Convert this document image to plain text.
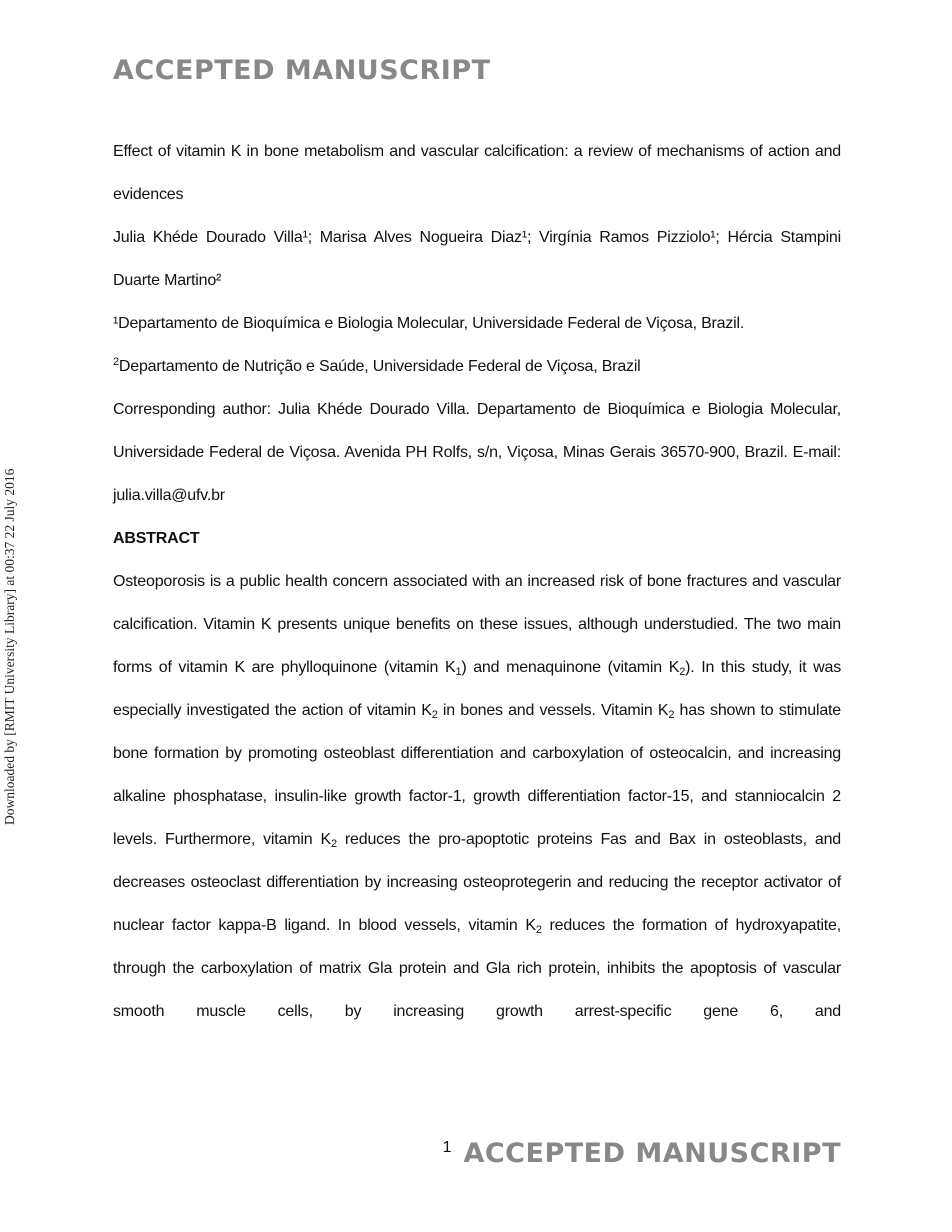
ACCEPTED MANUSCRIPT
Downloaded by [RMIT University Library] at 00:37 22 July 2016

Effect of vitamin K in bone metabolism and vascular calcification: a review of mechanisms of action and evidences

Julia Khéde Dourado Villa¹; Marisa Alves Nogueira Diaz¹; Virgínia Ramos Pizziolo¹; Hércia Stampini Duarte Martino²

¹Departamento de Bioquímica e Biologia Molecular, Universidade Federal de Viçosa, Brazil.

$^2$Departamento de Nutrição e Saúde, Universidade Federal de Viçosa, Brazil

Corresponding author: Julia Khéde Dourado Villa. Departamento de Bioquímica e Biologia Molecular, Universidade Federal de Viçosa. Avenida PH Rolfs, s/n, Viçosa, Minas Gerais 36570-900, Brazil. E-mail: julia.villa@ufv.br

ABSTRACT

Osteoporosis is a public health concern associated with an increased risk of bone fractures and vascular calcification. Vitamin K presents unique benefits on these issues, although understudied. The two main forms of vitamin K are phylloquinone (vitamin $K_1$) and menaquinone (vitamin $K_2$). In this study, it was especially investigated the action of vitamin $K_2$ in bones and vessels. Vitamin $K_2$ has shown to stimulate bone formation by promoting osteoblast differentiation and carboxylation of osteocalcin, and increasing alkaline phosphatase, insulin-like growth factor-1, growth differentiation factor-15, and stanniocalcin 2 levels. Furthermore, vitamin $K_2$ reduces the pro-apoptotic proteins Fas and Bax in osteoblasts, and decreases osteoclast differentiation by increasing osteoprotegerin and reducing the receptor activator of nuclear factor kappa-B ligand. In blood vessels, vitamin $K_2$ reduces the formation of hydroxyapatite, through the carboxylation of matrix Gla protein and Gla rich protein, inhibits the apoptosis of vascular smooth muscle cells, by increasing growth arrest-specific gene 6, and

1 ACCEPTED MANUSCRIPT
